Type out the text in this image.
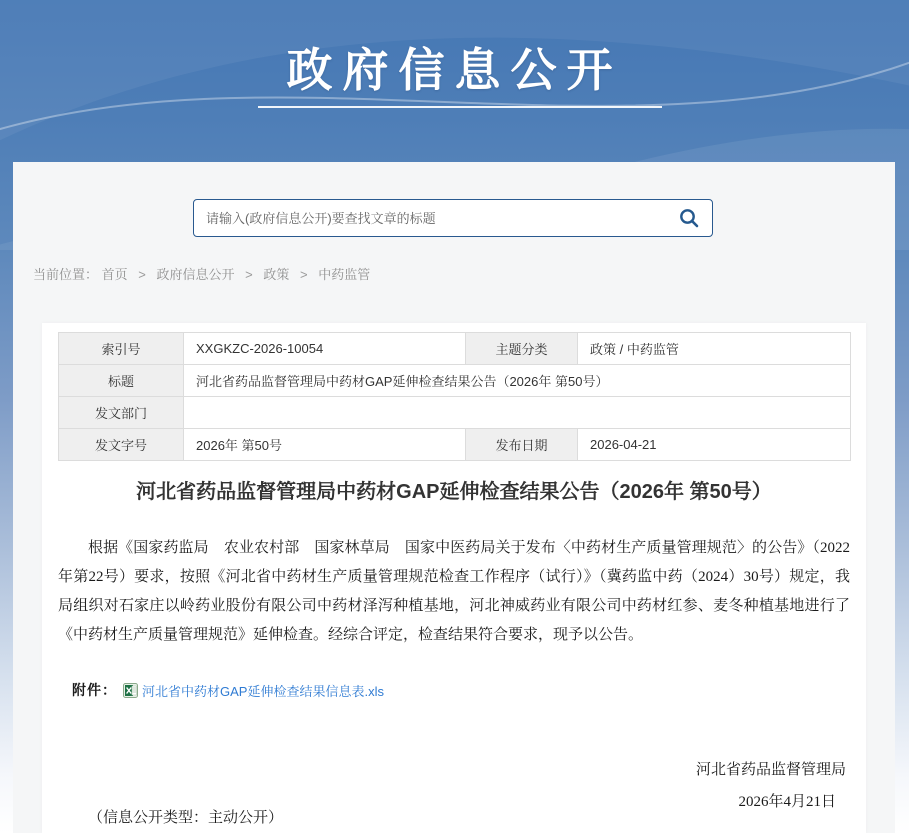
政府信息公开
请输入(政府信息公开)要查找文章的标题
当前位置： 首页 > 政府信息公开 > 政策 > 中药监管
索引号	XXGKZC-2026-10054	主题分类	政策 / 中药监管
标题	河北省药品监督管理局中药材GAP延伸检查结果公告（2026年 第50号）		
发文部门			
发文字号	2026年 第50号	发布日期	2026-04-21
河北省药品监督管理局中药材GAP延伸检查结果公告（2026年 第50号）

根据《国家药监局　农业农村部　国家林草局　国家中医药局关于发布〈中药材生产质量管理规范〉的公告》（2022年第22号）要求，按照《河北省中药材生产质量管理规范检查工作程序（试行）》（冀药监中药（2024）30号）规定，我局组织对石家庄以岭药业股份有限公司中药材泽泻种植基地，河北神威药业有限公司中药材红参、麦冬种植基地进行了《中药材生产质量管理规范》延伸检查。经综合评定，检查结果符合要求，现予以公告。

附件： 河北省中药材GAP延伸检查结果信息表.xls
河北省药品监督管理局
2026年4月21日
（信息公开类型：主动公开）
